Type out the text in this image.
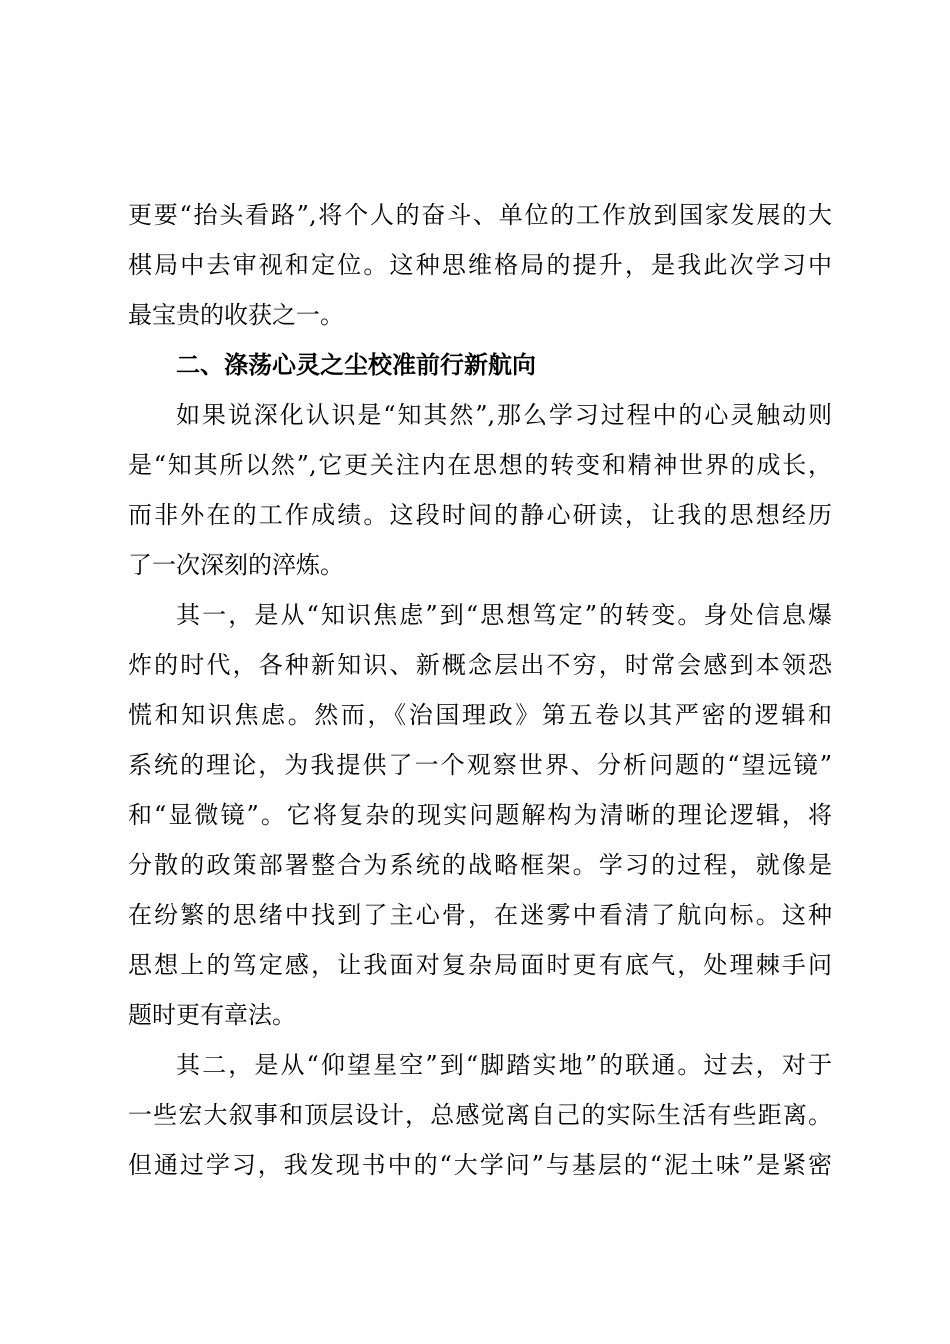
更要“抬头看路”,将个人的奋斗、单位的工作放到国家发展的大
棋局中去审视和定位。这种思维格局的提升，是我此次学习中
最宝贵的收获之一。
二、涤荡心灵之尘校准前行新航向
如果说深化认识是“知其然”,那么学习过程中的心灵触动则
是“知其所以然”,它更关注内在思想的转变和精神世界的成长，
而非外在的工作成绩。这段时间的静心研读，让我的思想经历
了一次深刻的淬炼。
其一，是从“知识焦虑”到“思想笃定”的转变。身处信息爆
炸的时代，各种新知识、新概念层出不穷，时常会感到本领恐
慌和知识焦虑。然而，《治国理政》第五卷以其严密的逻辑和
系统的理论，为我提供了一个观察世界、分析问题的“望远镜”
和“显微镜”。它将复杂的现实问题解构为清晰的理论逻辑，将
分散的政策部署整合为系统的战略框架。学习的过程，就像是
在纷繁的思绪中找到了主心骨，在迷雾中看清了航向标。这种
思想上的笃定感，让我面对复杂局面时更有底气，处理棘手问
题时更有章法。
其二，是从“仰望星空”到“脚踏实地”的联通。过去，对于
一些宏大叙事和顶层设计，总感觉离自己的实际生活有些距离。
但通过学习，我发现书中的“大学问”与基层的“泥土味”是紧密
